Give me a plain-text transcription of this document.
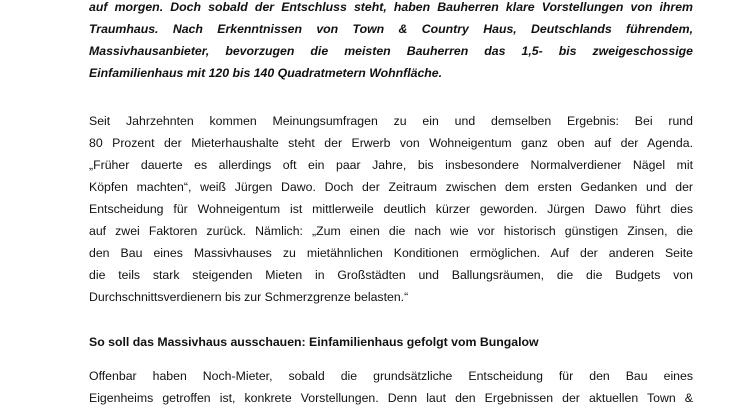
auf morgen. Doch sobald der Entschluss steht, haben Bauherren klare Vorstellungen von ihrem
Traumhaus. Nach Erkenntnissen von Town & Country Haus, Deutschlands führendem,
Massivhausanbieter, bevorzugen die meisten Bauherren das 1,5- bis zweigeschossige
Einfamilienhaus mit 120 bis 140 Quadratmetern Wohnfläche.
Seit Jahrzehnten kommen Meinungsumfragen zu ein und demselben Ergebnis: Bei rund
80 Prozent der Mieterhaushalte steht der Erwerb von Wohneigentum ganz oben auf der Agenda.
„Früher dauerte es allerdings oft ein paar Jahre, bis insbesondere Normalverdiener Nägel mit
Köpfen machten“, weiß Jürgen Dawo. Doch der Zeitraum zwischen dem ersten Gedanken und der
Entscheidung für Wohneigentum ist mittlerweile deutlich kürzer geworden. Jürgen Dawo führt dies
auf zwei Faktoren zurück. Nämlich: „Zum einen die nach wie vor historisch günstigen Zinsen, die
den Bau eines Massivhauses zu mietähnlichen Konditionen ermöglichen. Auf der anderen Seite
die teils stark steigenden Mieten in Großstädten und Ballungsräumen, die die Budgets von
Durchschnittsverdienern bis zur Schmerzgrenze belasten.“
So soll das Massivhaus ausschauen: Einfamilienhaus gefolgt vom Bungalow
Offenbar haben Noch-Mieter, sobald die grundsätzliche Entscheidung für den Bau eines
Eigenheims getroffen ist, konkrete Vorstellungen. Denn laut den Ergebnissen der aktuellen Town &
